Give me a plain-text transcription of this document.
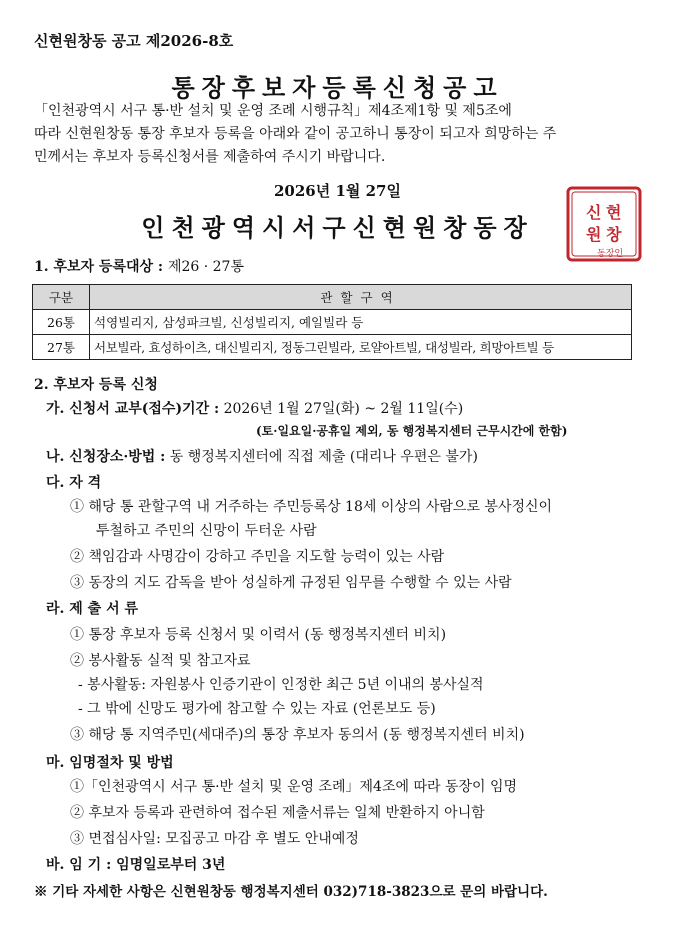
신현원창동 공고 제2026-8호
통장후보자등록신청공고

「인천광역시 서구 통·반 설치 및 운영 조례 시행규칙」제4조제1항 및 제5조에

따라 신현원창동 통장 후보자 등록을 아래와 같이 공고하니 통장이 되고자 희망하는 주

민께서는 후보자 등록신청서를 제출하여 주시기 바랍니다.

2026년 1월 27일
인천광역시서구신현원창동장
신 현
원 창
동장인
1. 후보자 등록대상 : 제26 · 27통
구분	관할구역
26통	석영빌리지, 삼성파크빌, 신성빌리지, 예일빌라 등
27통	서보빌라, 효성하이츠, 대신빌리지, 정동그린빌라, 로얄아트빌, 대성빌라, 희망아트빌 등
2. 후보자 등록 신청
가. 신청서 교부(접수)기간 : 2026년 1월 27일(화) ~ 2월 11일(수)
(토·일요일·공휴일 제외, 동 행정복지센터 근무시간에 한함)
나. 신청장소·방법 : 동 행정복지센터에 직접 제출 (대리나 우편은 불가)
다. 자 격
① 해당 통 관할구역 내 거주하는 주민등록상 18세 이상의 사람으로 봉사정신이
투철하고 주민의 신망이 두터운 사람
② 책임감과 사명감이 강하고 주민을 지도할 능력이 있는 사람
③ 동장의 지도 감독을 받아 성실하게 규정된 임무를 수행할 수 있는 사람
라. 제 출 서 류
① 통장 후보자 등록 신청서 및 이력서 (동 행정복지센터 비치)
② 봉사활동 실적 및 참고자료
- 봉사활동: 자원봉사 인증기관이 인정한 최근 5년 이내의 봉사실적
- 그 밖에 신망도 평가에 참고할 수 있는 자료 (언론보도 등)
③ 해당 통 지역주민(세대주)의 통장 후보자 동의서 (동 행정복지센터 비치)
마. 임명절차 및 방법
①「인천광역시 서구 통·반 설치 및 운영 조례」제4조에 따라 동장이 임명
② 후보자 등록과 관련하여 접수된 제출서류는 일체 반환하지 아니함
③ 면접심사일: 모집공고 마감 후 별도 안내예정
바. 임 기 : 임명일로부터 3년
※ 기타 자세한 사항은 신현원창동 행정복지센터 032)718-3823으로 문의 바랍니다.
